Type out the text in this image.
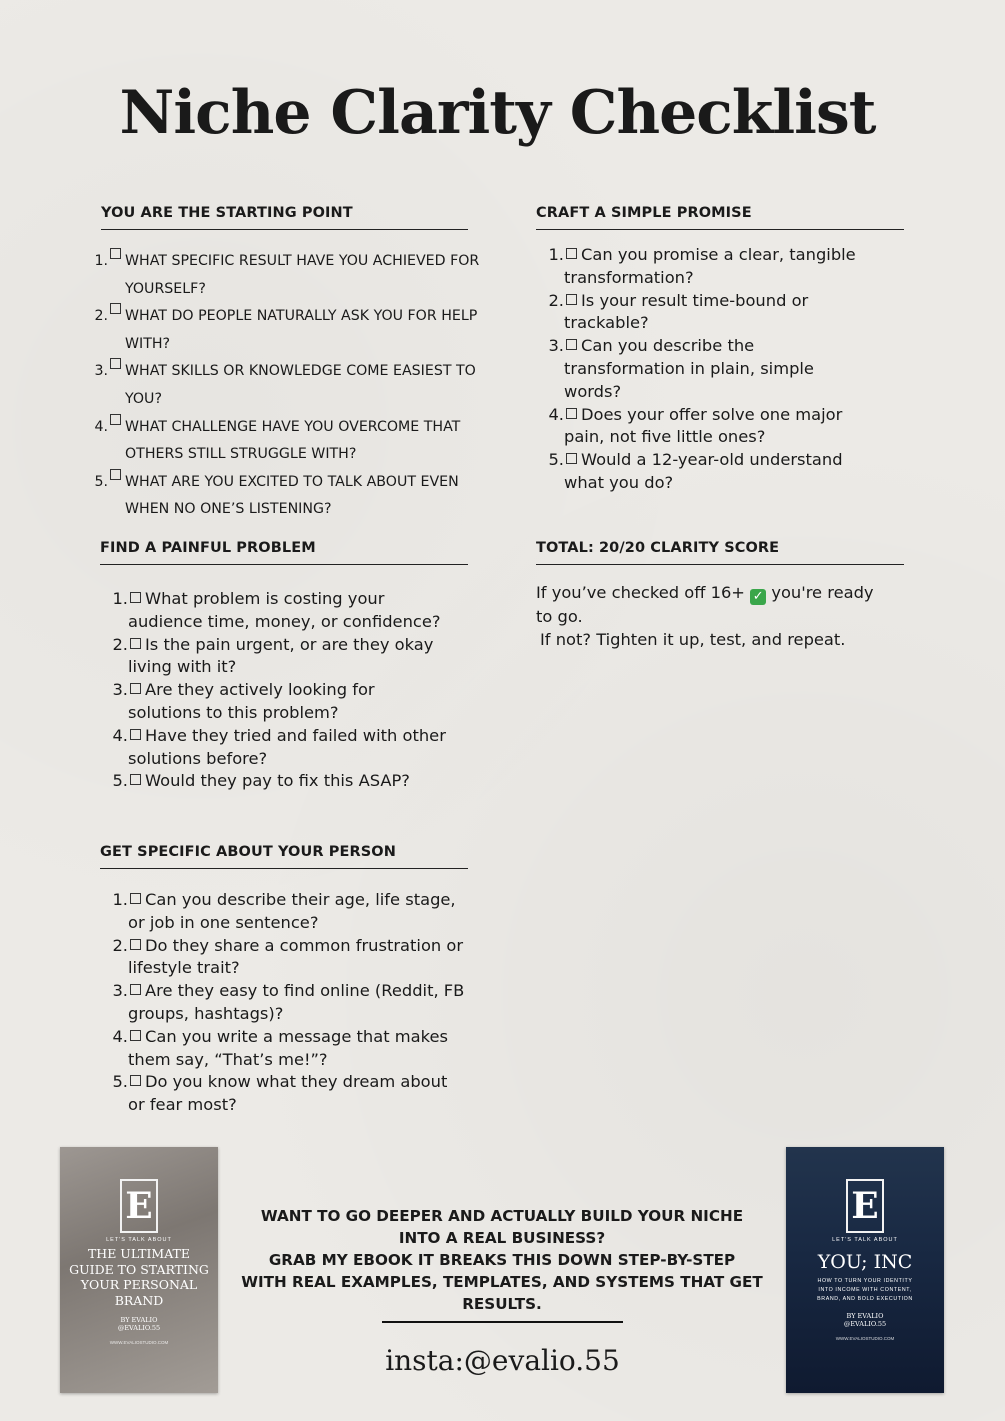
Niche Clarity Checklist
YOU ARE THE STARTING POINT
1. WHAT SPECIFIC RESULT HAVE YOU ACHIEVED FOR YOURSELF?
2. WHAT DO PEOPLE NATURALLY ASK YOU FOR HELP WITH?
3. WHAT SKILLS OR KNOWLEDGE COME EASIEST TO YOU?
4. WHAT CHALLENGE HAVE YOU OVERCOME THAT OTHERS STILL STRUGGLE WITH?
5. WHAT ARE YOU EXCITED TO TALK ABOUT EVEN WHEN NO ONE’S LISTENING?
CRAFT A SIMPLE PROMISE
1.	Can you promise a clear, tangible transformation?
2.	Is your result time-bound or trackable?
3.	Can you describe the transformation in plain, simple words?
4.	Does your offer solve one major pain, not five little ones?
5.	Would a 12-year-old understand what you do?
FIND A PAINFUL PROBLEM
1.	What problem is costing your audience time, money, or confidence?
2.	Is the pain urgent, or are they okay living with it?
3.	Are they actively looking for solutions to this problem?
4.	Have they tried and failed with other solutions before?
5.	Would they pay to fix this ASAP?
GET SPECIFIC ABOUT YOUR PERSON
1.	Can you describe their age, life stage, or job in one sentence?
2.	Do they share a common frustration or lifestyle trait?
3.	Are they easy to find online (Reddit, FB groups, hashtags)?
4.	Can you write a message that makes them say, “That’s me!”?
5.	Do you know what they dream about or fear most?
TOTAL: 20/20 CLARITY SCORE
If you’ve checked off 16+ ✓ you're ready to go.
If not? Tighten it up, test, and repeat.
E
LET'S TALK ABOUT
THE ULTIMATE
GUIDE TO STARTING
YOUR PERSONAL
BRAND
BY EVALIO
@EVALIO.55
WWW.EVALIOSTUDIO.COM
WANT TO GO DEEPER AND ACTUALLY BUILD YOUR NICHE
INTO A REAL BUSINESS?
GRAB MY EBOOK IT BREAKS THIS DOWN STEP-BY-STEP
WITH REAL EXAMPLES, TEMPLATES, AND SYSTEMS THAT GET
RESULTS.
insta:@evalio.55
E
LET'S TALK ABOUT
YOU; INC
HOW TO TURN YOUR IDENTITY
INTO INCOME WITH CONTENT,
BRAND, AND BOLD EXECUTION
BY EVALIO
@EVALIO.55
WWW.EVALIOSTUDIO.COM
